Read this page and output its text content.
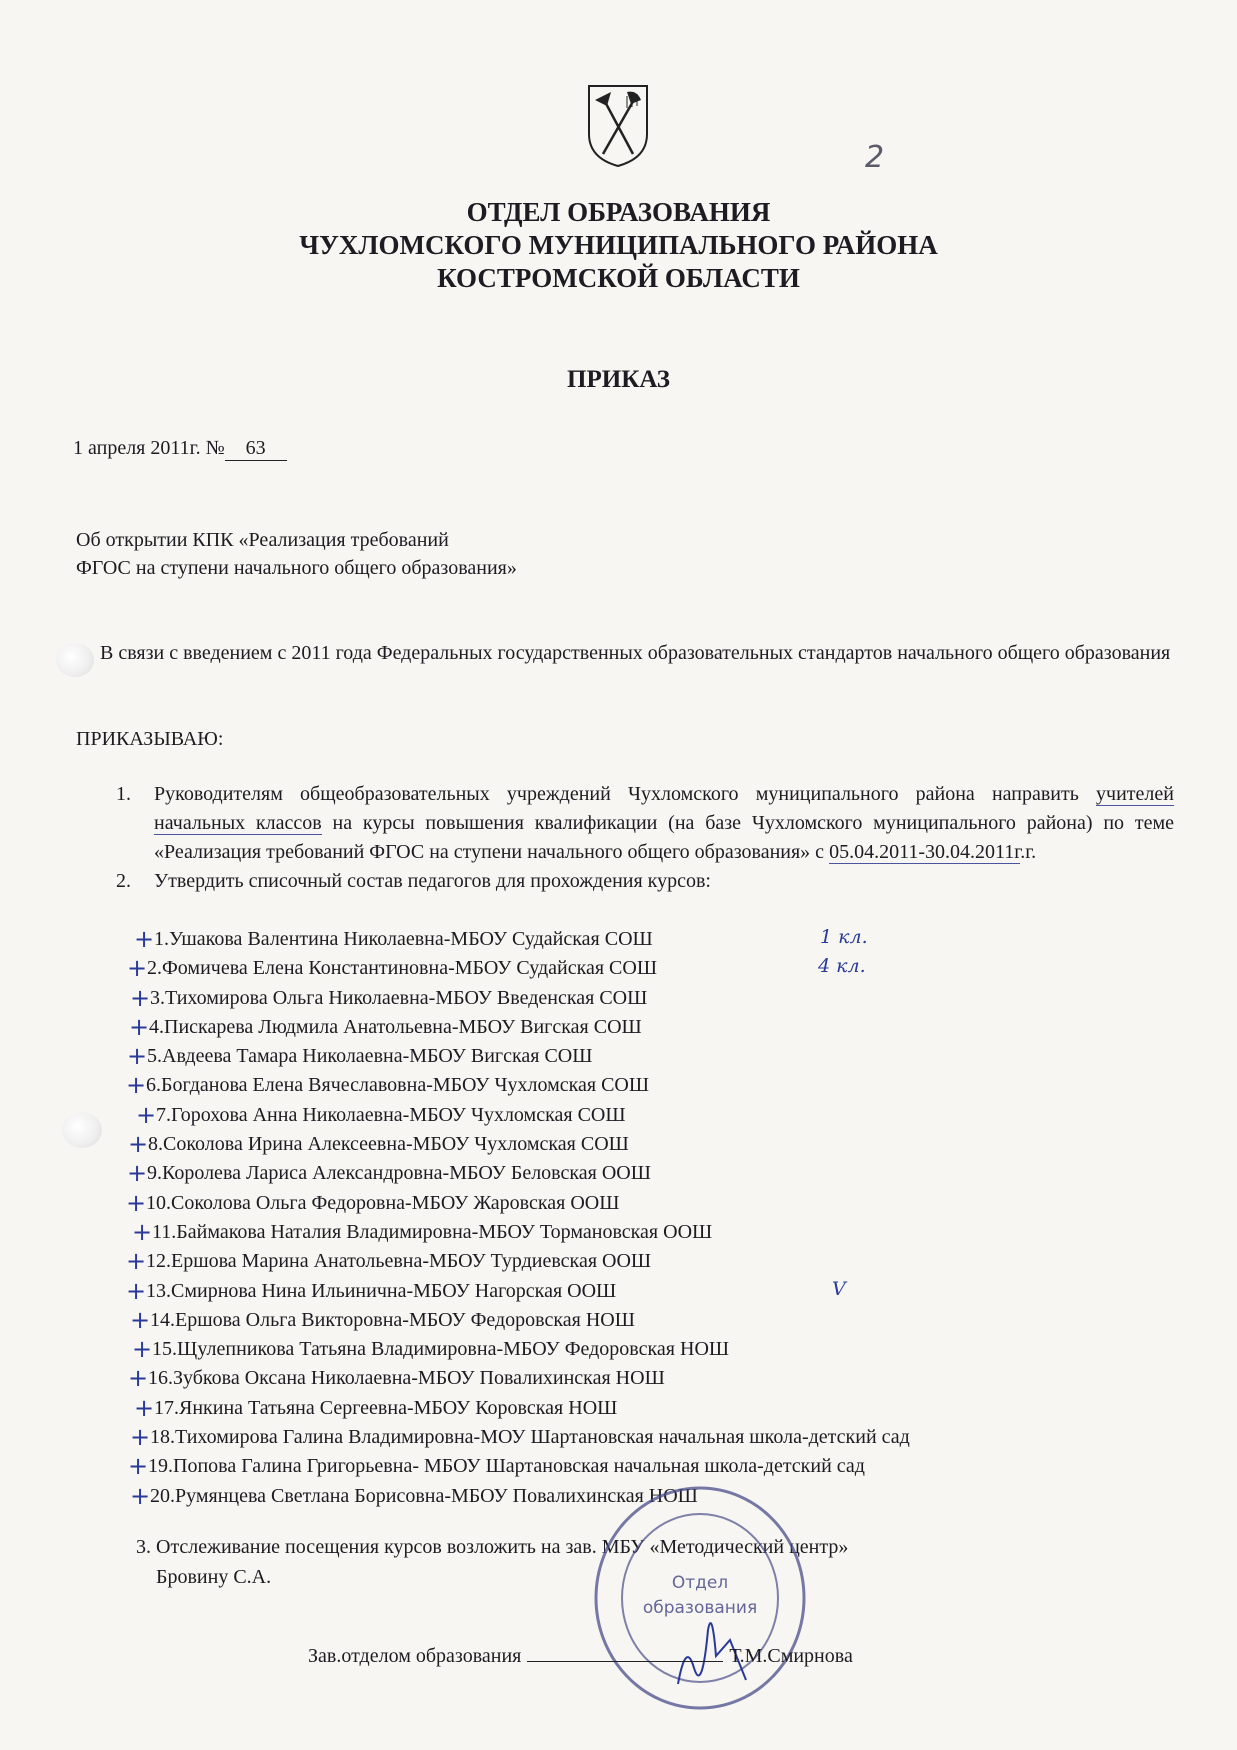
2
ОТДЕЛ ОБРАЗОВАНИЯ
ЧУХЛОМСКОГО МУНИЦИПАЛЬНОГО РАЙОНА
КОСТРОМСКОЙ ОБЛАСТИ
ПРИКАЗ
1 апреля 2011г. № 63
Об открытии КПК «Реализация требований
ФГОС на ступени начального общего образования»
В связи с введением с 2011 года Федеральных государственных образовательных стандартов начального общего образования
ПРИКАЗЫВАЮ:
1. Руководителям общеобразовательных учреждений Чухломского муниципального района направить учителей начальных классов на курсы повышения квалификации (на базе Чухломского муниципального района) по теме «Реализация требований ФГОС на ступени начального общего образования» с 05.04.2011-30.04.2011г.г.
2. Утвердить списочный состав педагогов для прохождения курсов:
+ 1.Ушакова Валентина Николаевна-МБОУ Судайская СОШ	1 кл.
+ 2.Фомичева Елена Константиновна-МБОУ Судайская СОШ	4 кл.
+ 3.Тихомирова Ольга Николаевна-МБОУ Введенская СОШ
+ 4.Пискарева Людмила Анатольевна-МБОУ Вигская СОШ
+ 5.Авдеева Тамара Николаевна-МБОУ Вигская СОШ
+ 6.Богданова Елена Вячеславовна-МБОУ Чухломская СОШ
+ 7.Горохова Анна Николаевна-МБОУ Чухломская СОШ
+ 8.Соколова Ирина Алексеевна-МБОУ Чухломская СОШ
+ 9.Королева Лариса Александровна-МБОУ Беловская ООШ
+ 10.Соколова Ольга Федоровна-МБОУ Жаровская ООШ
+ 11.Баймакова Наталия Владимировна-МБОУ Тормановская ООШ
+ 12.Ершова Марина Анатольевна-МБОУ Турдиевская ООШ
+ 13.Смирнова Нина Ильинична-МБОУ Нагорская ООШ	V
+ 14.Ершова Ольга Викторовна-МБОУ Федоровская НОШ
+ 15.Щулепникова Татьяна Владимировна-МБОУ Федоровская НОШ
+ 16.Зубкова Оксана Николаевна-МБОУ Повалихинская НОШ
+ 17.Янкина Татьяна Сергеевна-МБОУ Коровская НОШ
+ 18.Тихомирова Галина Владимировна-МОУ Шартановская начальная школа-детский сад
+ 19.Попова Галина Григорьевна- МБОУ Шартановская начальная школа-детский сад
+ 20.Румянцева Светлана Борисовна-МБОУ Повалихинская НОШ
3. Отслеживание посещения курсов возложить на зав. МБУ «Методический центр»
Бровину С.А.	Отдел
образования
Зав.отделом образования	Т.М.Смирнова
